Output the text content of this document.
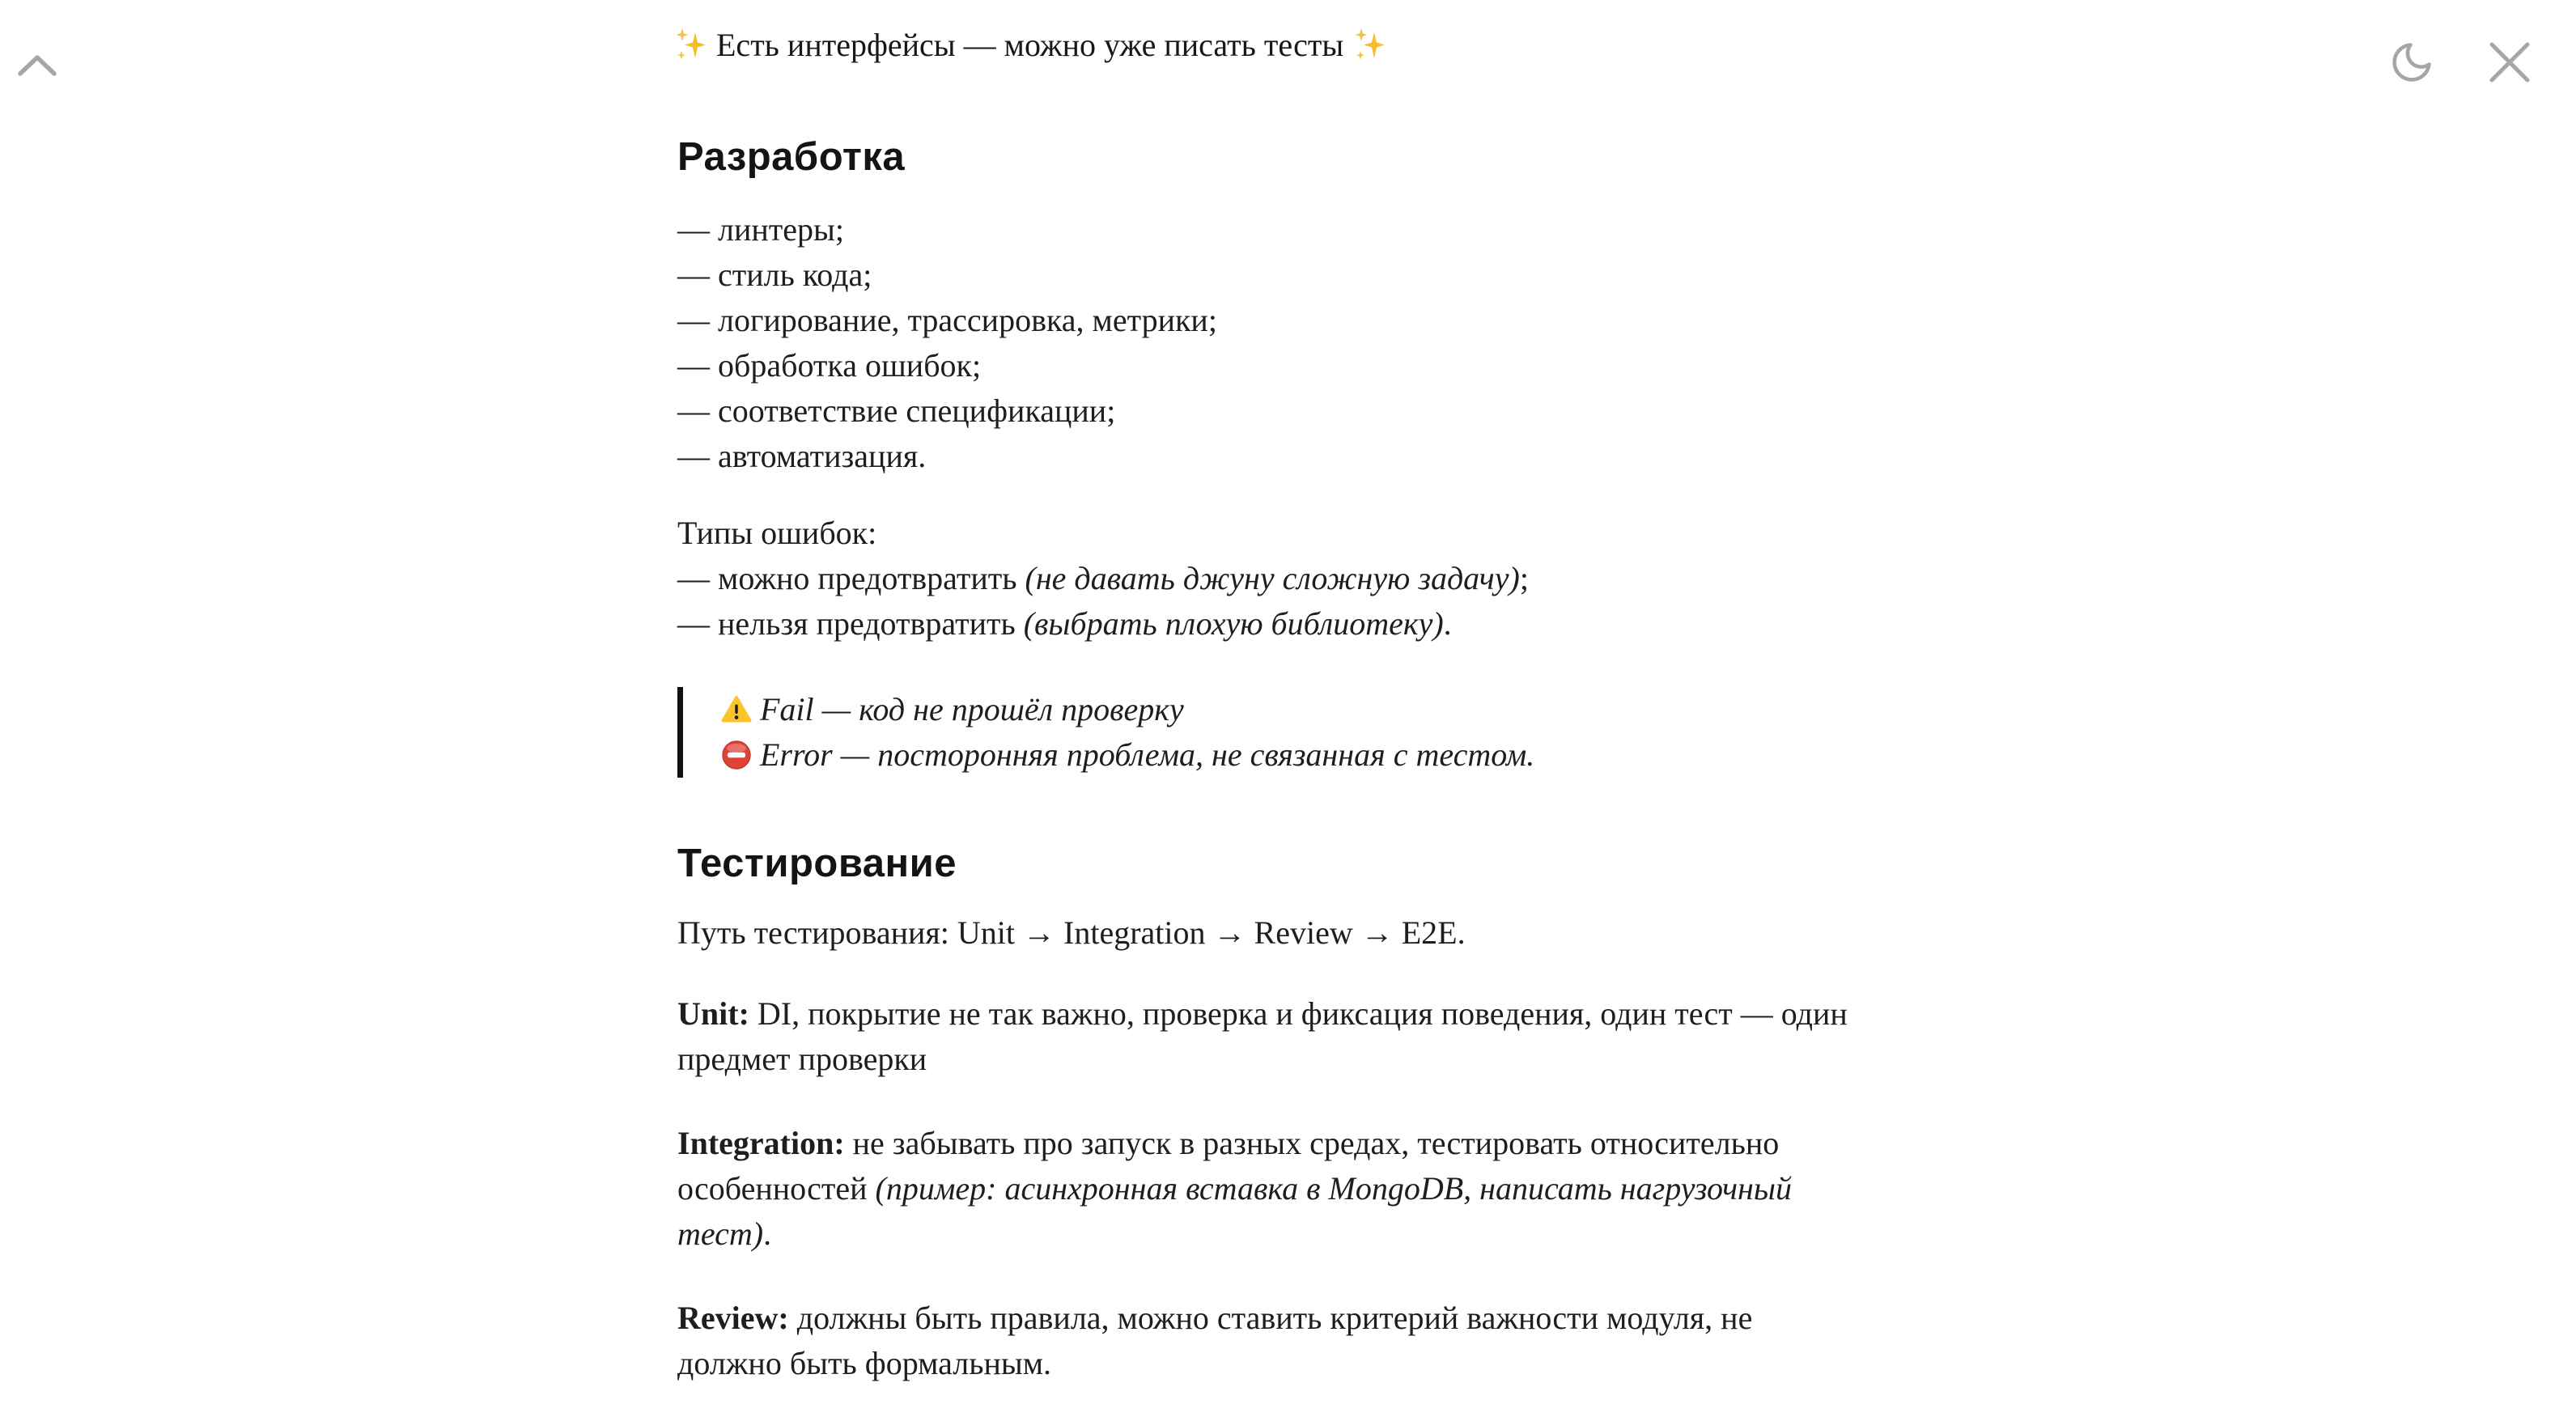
Есть интерфейсы — можно уже писать тесты
Разработка
— линтеры;
— стиль кода;
— логирование, трассировка, метрики;
— обработка ошибок;
— соответствие спецификации;
— автоматизация.

Типы ошибок:
— можно предотвратить (не давать джуну сложную задачу);
— нельзя предотвратить (выбрать плохую библиотеку).

Fail — код не прошёл проверку
Error — посторонняя проблема, не связанная с тестом.
Тестирование

Путь тестирования: Unit → Integration → Review → E2E.

Unit: DI, покрытие не так важно, проверка и фиксация поведения, один тест — один предмет проверки

Integration: не забывать про запуск в разных средах, тестировать относительно особенностей (пример: асинхронная вставка в MongoDB, написать нагрузочный тест).

Review: должны быть правила, можно ставить критерий важности модуля, не должно быть формальным.
